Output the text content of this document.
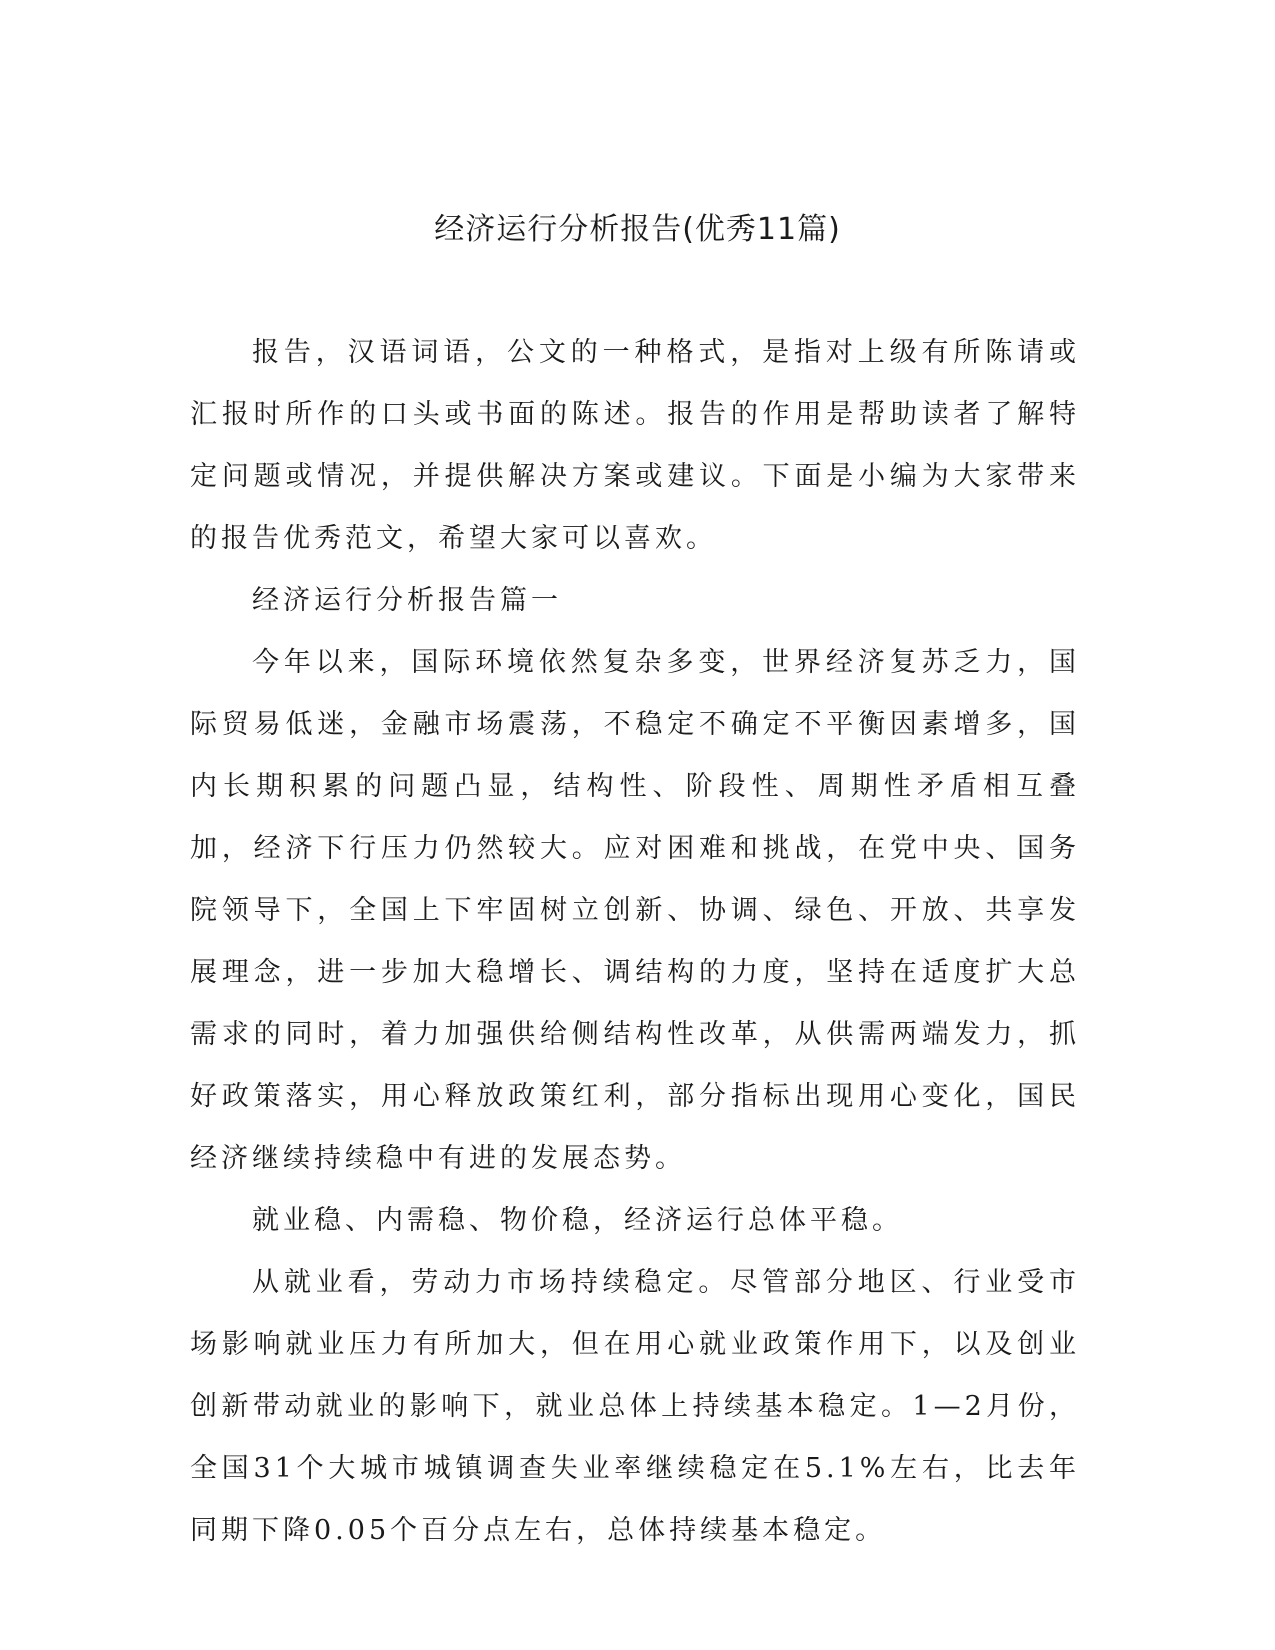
经济运行分析报告(优秀11篇)

报告，汉语词语，公文的一种格式，是指对上级有所陈请或汇报时所作的口头或书面的陈述。报告的作用是帮助读者了解特定问题或情况，并提供解决方案或建议。下面是小编为大家带来的报告优秀范文，希望大家可以喜欢。

经济运行分析报告篇一

今年以来，国际环境依然复杂多变，世界经济复苏乏力，国际贸易低迷，金融市场震荡，不稳定不确定不平衡因素增多，国内长期积累的问题凸显，结构性、阶段性、周期性矛盾相互叠加，经济下行压力仍然较大。应对困难和挑战，在党中央、国务院领导下，全国上下牢固树立创新、协调、绿色、开放、共享发展理念，进一步加大稳增长、调结构的力度，坚持在适度扩大总需求的同时，着力加强供给侧结构性改革，从供需两端发力，抓好政策落实，用心释放政策红利，部分指标出现用心变化，国民经济继续持续稳中有进的发展态势。

就业稳、内需稳、物价稳，经济运行总体平稳。

从就业看，劳动力市场持续稳定。尽管部分地区、行业受市场影响就业压力有所加大，但在用心就业政策作用下，以及创业创新带动就业的影响下，就业总体上持续基本稳定。1—2月份，全国31个大城市城镇调查失业率继续稳定在5.1%左右，比去年同期下降0.05个百分点左右，总体持续基本稳定。
